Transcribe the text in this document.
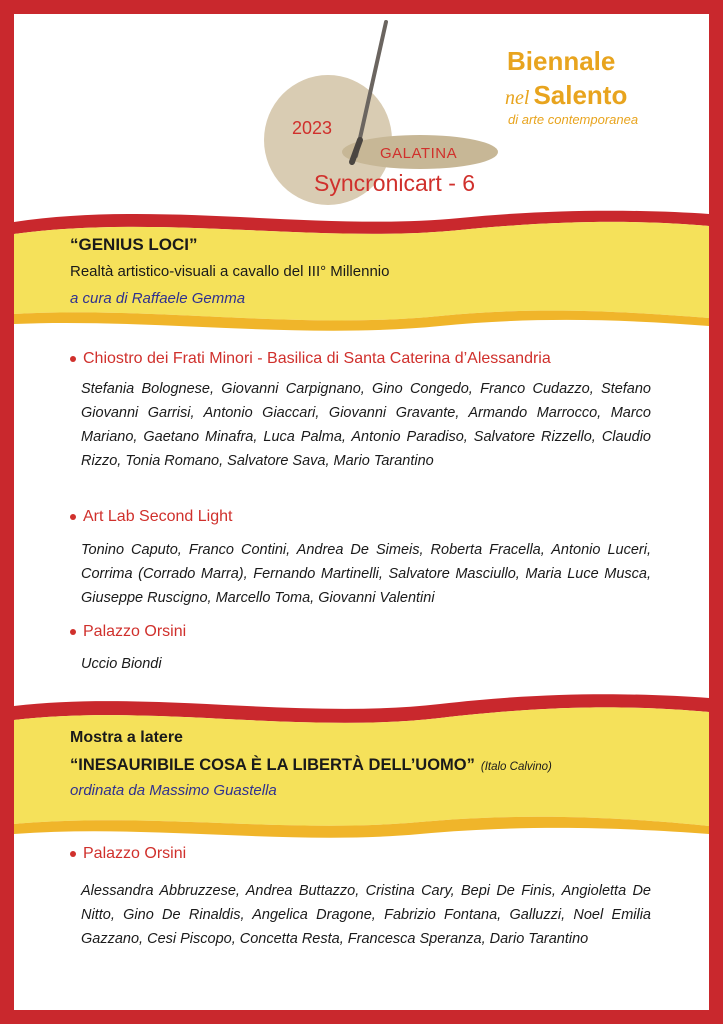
2023
GALATINA
Syncronicart - 6
Biennale
nel Salento
di arte contemporanea
“GENIUS LOCI”
Realtà artistico-visuali a cavallo del III° Millennio
a cura di Raffaele Gemma
Chiostro dei Frati Minori - Basilica di Santa Caterina d’Alessandria
Stefania Bolognese, Giovanni Carpignano, Gino Congedo, Franco Cudazzo, Stefano Giovanni Garrisi, Antonio Giaccari, Giovanni Gravante, Armando Marrocco, Marco Mariano, Gaetano Minafra, Luca Palma, Antonio Paradiso, Salvatore Rizzello, Claudio Rizzo, Tonia Romano, Salvatore Sava, Mario Tarantino
Art Lab Second Light
Tonino Caputo, Franco Contini, Andrea De Simeis, Roberta Fracella, Antonio Luceri, Corrima (Corrado Marra), Fernando Martinelli, Salvatore Masciullo, Maria Luce Musca, Giuseppe Ruscigno, Marcello Toma, Giovanni Valentini
Palazzo Orsini
Uccio Biondi
Mostra a latere
“INESAURIBILE COSA È LA LIBERTÀ DELL’UOMO” (Italo Calvino)
ordinata da Massimo Guastella
Palazzo Orsini
Alessandra Abbruzzese, Andrea Buttazzo, Cristina Cary, Bepi De Finis, Angioletta De Nitto, Gino De Rinaldis, Angelica Dragone, Fabrizio Fontana, Galluzzi, Noel Emilia Gazzano, Cesi Piscopo, Concetta Resta, Francesca Speranza, Dario Tarantino
